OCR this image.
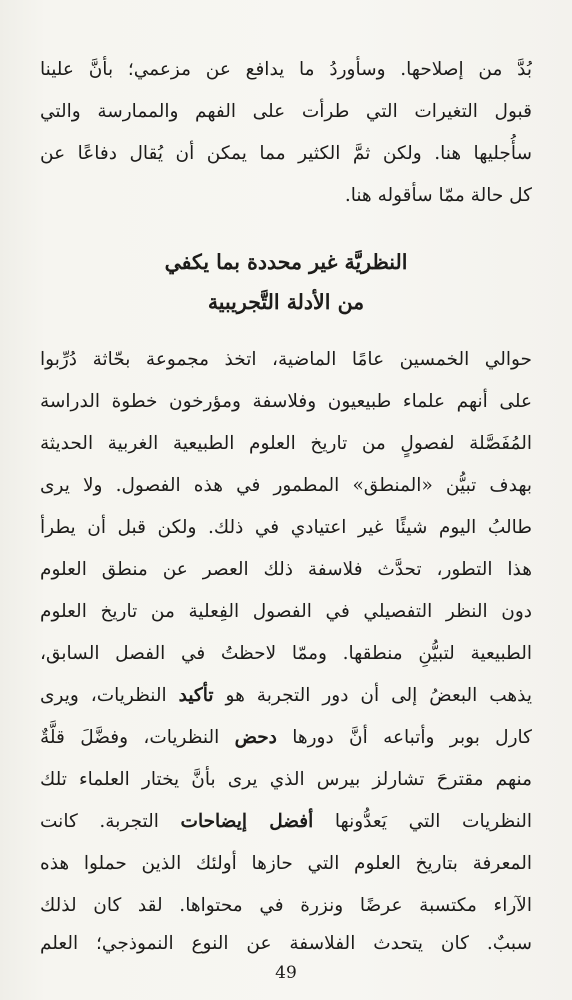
بُدَّ من إصلاحها. وسأوردُ ما يدافع عن مزعمي؛ بأنَّ علينا
قبول التغيرات التي طرأت على الفهم والممارسة والتي
سأُجليها هنا. ولكن ثمَّ الكثير مما يمكن أن يُقال دفاعًا عن
كل حالة ممّا سأقوله هنا.
النظريَّة غير محددة بما يكفي
من الأدلة التَّجريبية
حوالي الخمسين عامًا الماضية، اتخذ مجموعة بحّاثة دُرِّبوا
على أنهم علماء طبيعيون وفلاسفة ومؤرخون خطوة الدراسة
المُفَصَّلة لفصولٍ من تاريخ العلوم الطبيعية الغربية الحديثة
بهدف تبيُّن «المنطق» المطمور في هذه الفصول. ولا يرى
طالبُ اليوم شيئًا غير اعتيادي في ذلك. ولكن قبل أن يطرأ
هذا التطور، تحدَّث فلاسفة ذلك العصر عن منطق العلوم
دون النظر التفصيلي في الفصول الفِعلية من تاريخ العلوم
الطبيعية لتبيُّنِ منطقها. وممّا لاحظتُ في الفصل السابق،
يذهب البعضُ إلى أن دور التجربة هو تأكيد النظريات، ويرى
كارل بوبر وأتباعه أنَّ دورها دحض النظريات، وفضَّلَ قلَّةٌ
منهم مقترحَ تشارلز بيرس الذي يرى بأنَّ يختار العلماء تلك
النظريات التي يَعدُّونها أفضل إيضاحات التجربة. كانت
المعرفة بتاريخ العلوم التي حازها أولئك الذين حملوا هذه
الآراء مكتسبة عرضًا ونزرة في محتواها. لقد كان لذلك
سببٌ. كان يتحدث الفلاسفة عن النوع النموذجي؛ العلم
49
